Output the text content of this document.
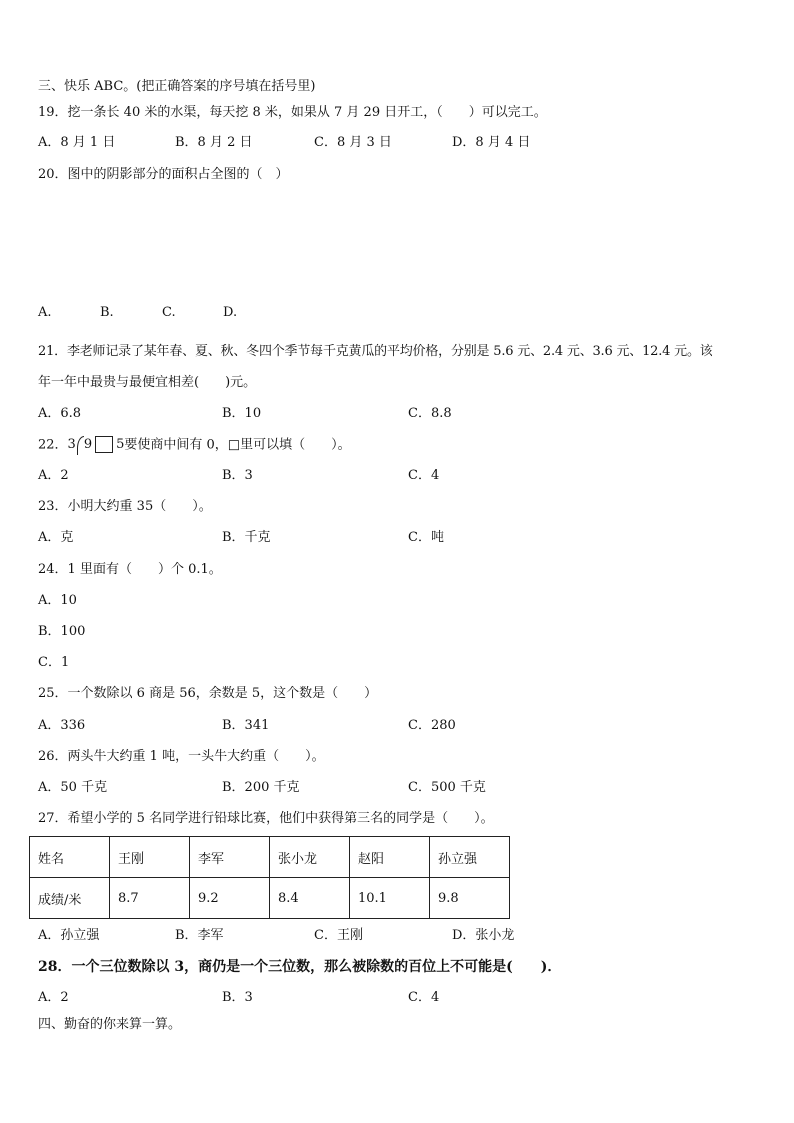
三、快乐 ABC。(把正确答案的序号填在括号里)
19．挖一条长 40 米的水渠，每天挖 8 米，如果从 7 月 29 日开工，（　　）可以完工。
A．8 月 1 日	B．8 月 2 日	C．8 月 3 日	D．8 月 4 日
20．图中的阴影部分的面积占全图的（　）
A.	B.	C.	D.
21．李老师记录了某年春、夏、秋、冬四个季节每千克黄瓜的平均价格，分别是 5.6 元、2.4 元、3.6 元、12.4 元。该
年一年中最贵与最便宜相差(　　)元。
A．6.8	B．10	C．8.8
22．3 9 5要使商中间有 0，□里可以填（　　）。
A．2	B．3	C．4
23．小明大约重 35（　　）。
A．克	B．千克	C．吨
24．1 里面有（　　）个 0.1。
A．10
B．100
C．1
25．一个数除以 6 商是 56，余数是 5，这个数是（　　）
A．336	B．341	C．280
26．两头牛大约重 1 吨，一头牛大约重（　　）。
A．50 千克	B．200 千克	C．500 千克
27．希望小学的 5 名同学进行铅球比赛，他们中获得第三名的同学是（　　）。
姓名	王刚	李军	张小龙	赵阳	孙立强
成绩/米	8.7	9.2	8.4	10.1	9.8
A．孙立强	B．李军	C．王刚	D．张小龙
28．一个三位数除以 3，商仍是一个三位数，那么被除数的百位上不可能是(　　)．
A．2	B．3	C．4
四、勤奋的你来算一算。
